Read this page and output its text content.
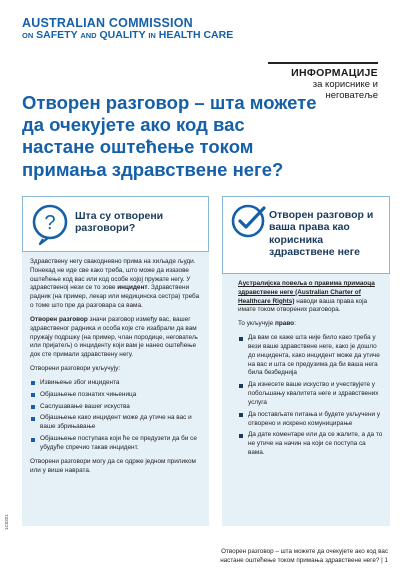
AUSTRALIAN COMMISSION
ON SAFETY AND QUALITY IN HEALTH CARE
ИНФОРМАЦИЈЕ
за кориснике и
неговатеље
Отворен разговор – шта можете да очекујете ако код вас настане оштећење током примања здравствене неге?
? Шта су отворени разговори?

Здравствену негу свакодневно прима на хиљаде људи. Понекад не иде све како треба, што може да изазове оштећење код вас или код особе којој пружате негу. У здравственој нези се то зове инцидент. Здравствени радник (на пример, лекар или медицинска сестра) треба о томе што пре да разговара са вама.

Отворен разговор значи разговор између вас, вашег здравственог радника и особа које сте изабрали да вам пружају подршку (на пример, члан породице, неговатељ или пријатељ) о инциденту који вам је нанео оштећење док сте примали здравствену негу.

Отворени разговори укључују:

Извињење због инцидента
Објашњење познатих чињеница
Саслушавање вашег искуства
Објашњење како инцидент може да утиче на вас и ваше збрињавање
Објашњење поступака који ће се предузети да би се убудуће спречио такав инцидент.

Отворени разговори могу да се одрже једном приликом или у више наврата.

Отворен разговор и ваша права као корисника здравствене неге

Аустралијска повеља о правима примаоца здравствене неге (Australian Charter of Healthcare Rights) наводи ваша права која имате током отворених разговора.

То укључује право:

Да вам се каже шта није било како треба у вези ваше здравствене неге, како је дошло до инцидента, како инцидент може да утиче на вас и шта се предузима да би ваша нега била безбеднија
Да изнесете ваше искуство и учествујете у побољшању квалитета неге и здравствених услуга
Да постављате питања и будете укључени у отворено и искрено комуницирање
Да дате коментаре или да се жалите, а да то не утиче на начин на који се поступа са вама.
1C0321
Отворен разговор – шта можете да очекујете ако код вас
настане оштећење током примања здравствене неге? | 1
